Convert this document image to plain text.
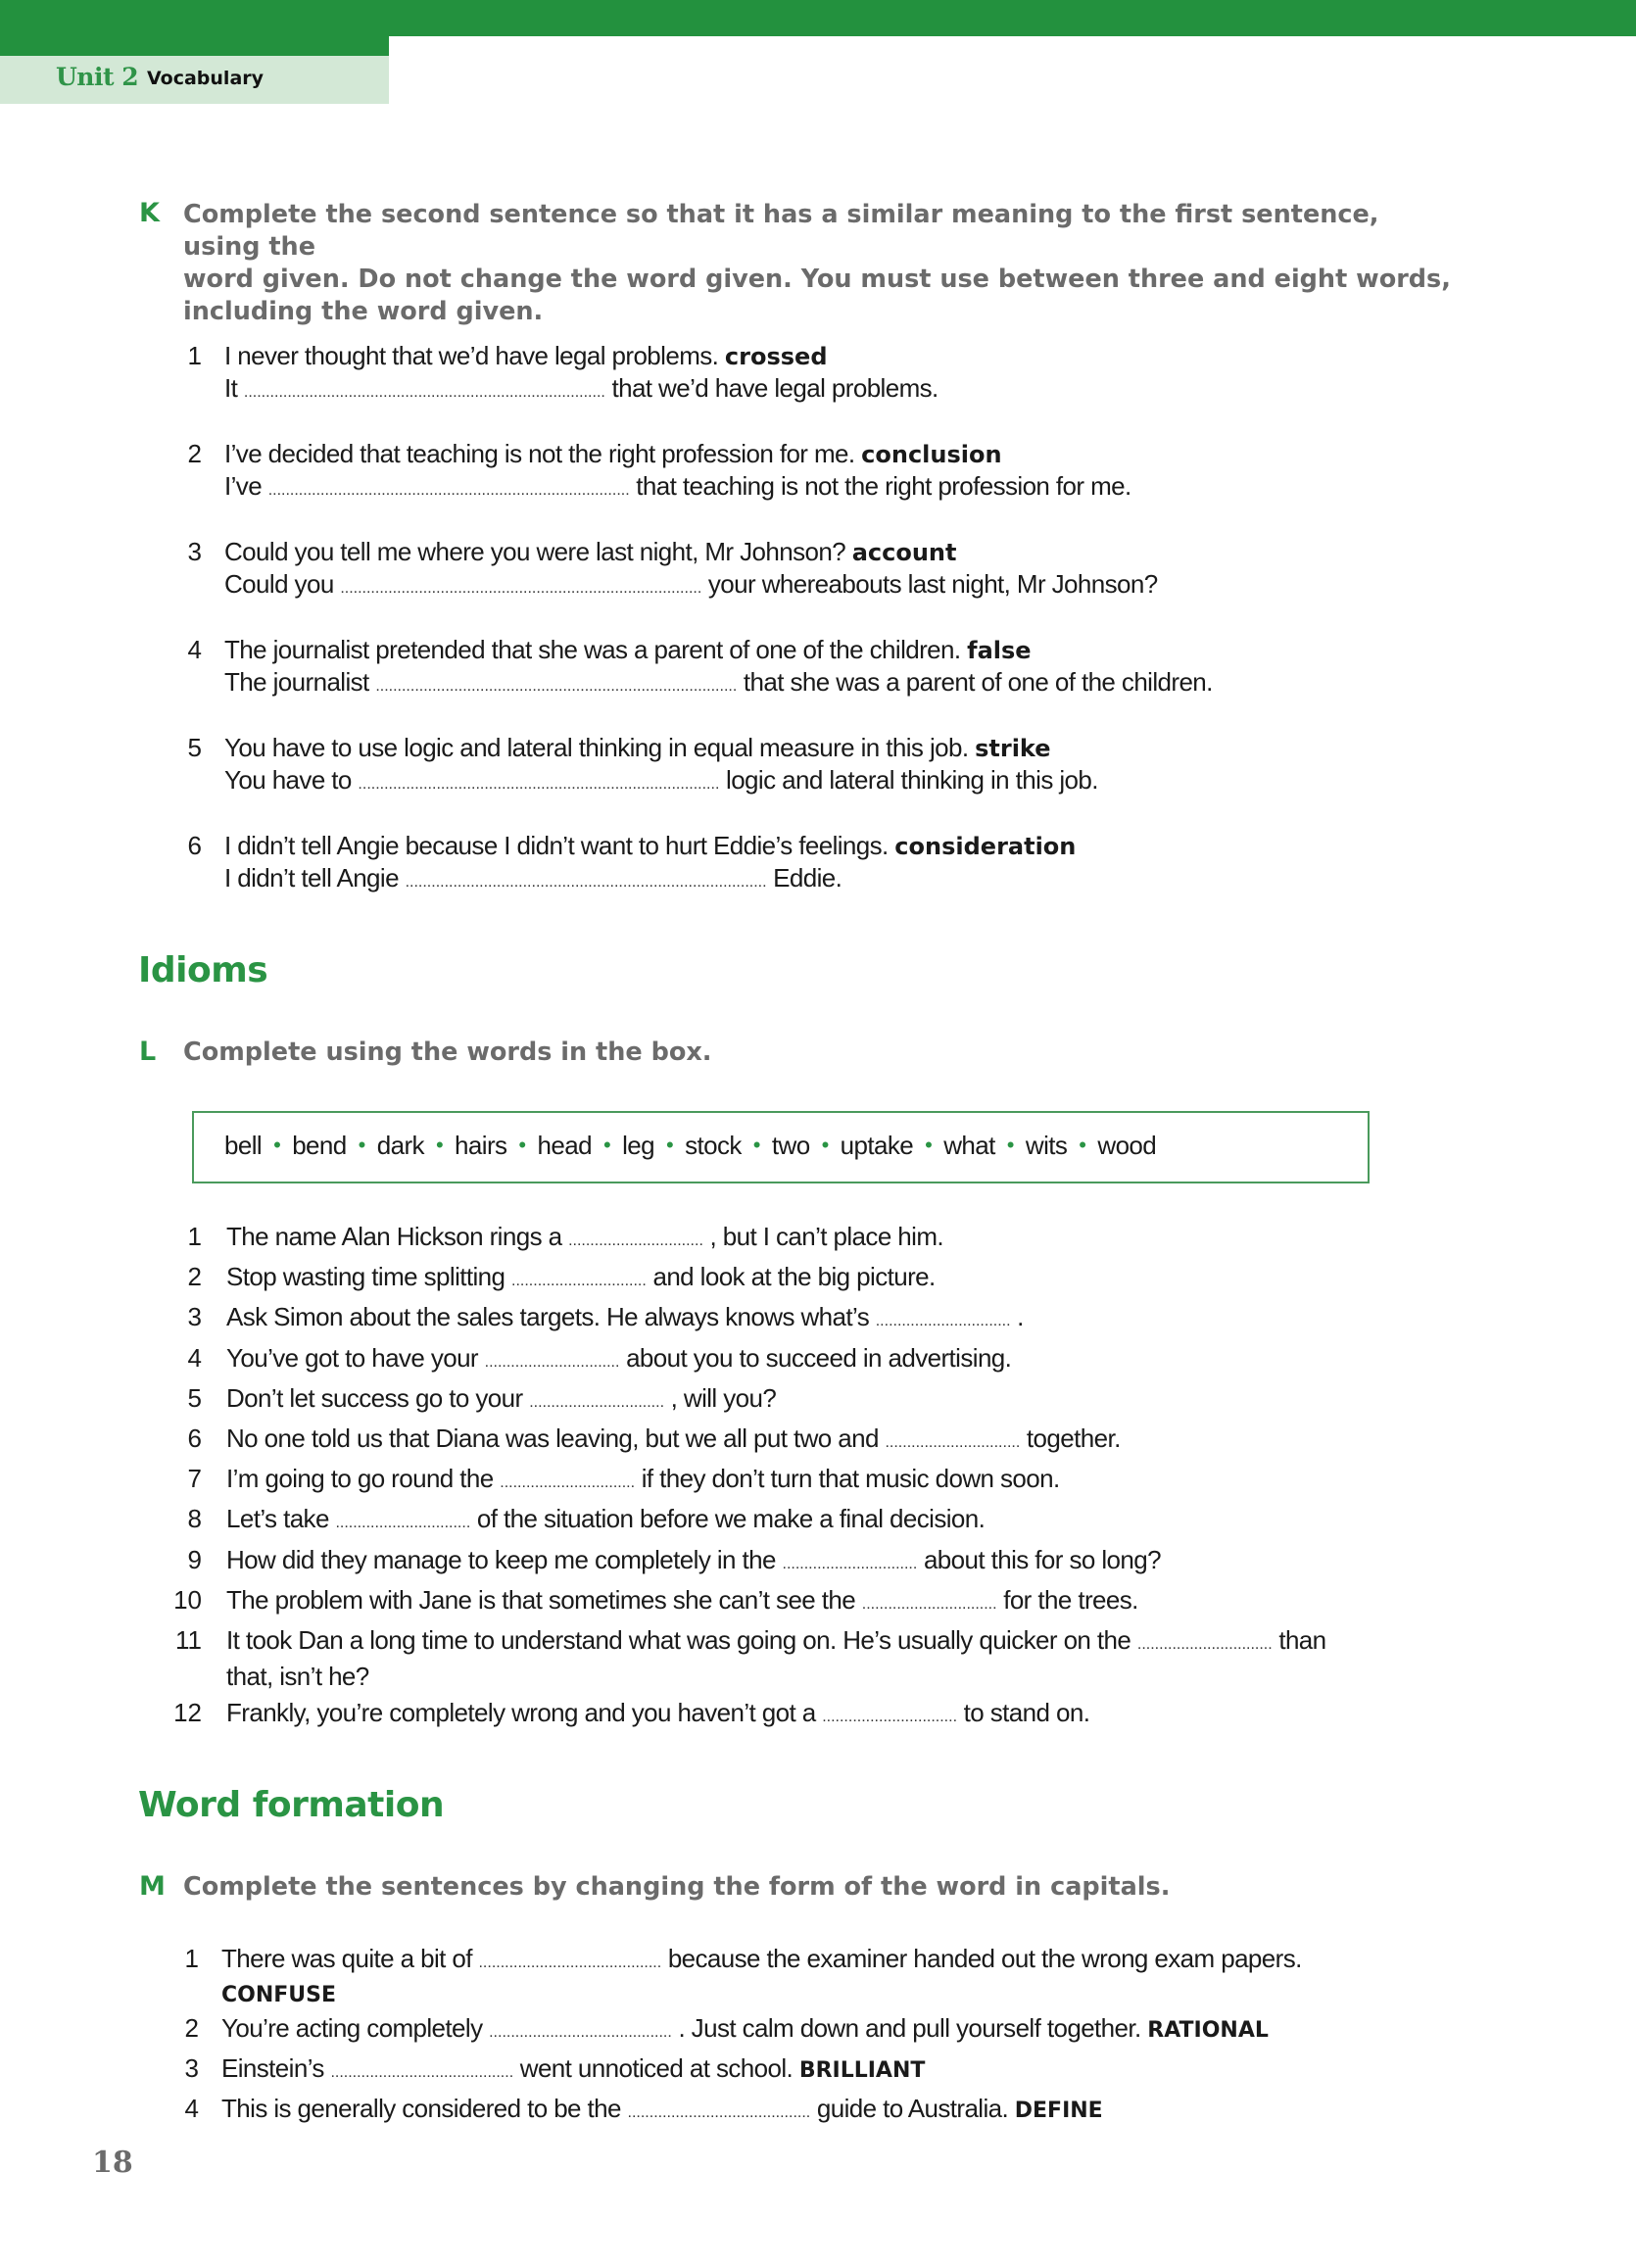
Unit 2 Vocabulary
K Complete the second sentence so that it has a similar meaning to the first sentence, using the
word given. Do not change the word given. You must use between three and eight words,
including the word given.
1 I never thought that we’d have legal problems. crossed
It ................................................................................... that we’d have legal problems.
2 I’ve decided that teaching is not the right profession for me. conclusion
I’ve ................................................................................... that teaching is not the right profession for me.
3 Could you tell me where you were last night, Mr Johnson? account
Could you ................................................................................... your whereabouts last night, Mr Johnson?
4 The journalist pretended that she was a parent of one of the children. false
The journalist ................................................................................... that she was a parent of one of the children.
5 You have to use logic and lateral thinking in equal measure in this job. strike
You have to ................................................................................... logic and lateral thinking in this job.
6 I didn’t tell Angie because I didn’t want to hurt Eddie’s feelings. consideration
I didn’t tell Angie ................................................................................... Eddie.
Idioms
L Complete using the words in the box.
bell • bend • dark • hairs • head • leg • stock • two • uptake • what • wits • wood
1 The name Alan Hickson rings a ............................... , but I can’t place him.
2 Stop wasting time splitting ............................... and look at the big picture.
3 Ask Simon about the sales targets. He always knows what’s ............................... .
4 You’ve got to have your ............................... about you to succeed in advertising.
5 Don’t let success go to your ............................... , will you?
6 No one told us that Diana was leaving, but we all put two and ............................... together.
7 I’m going to go round the ............................... if they don’t turn that music down soon.
8 Let’s take ............................... of the situation before we make a final decision.
9 How did they manage to keep me completely in the ............................... about this for so long?
10 The problem with Jane is that sometimes she can’t see the ............................... for the trees.
11 It took Dan a long time to understand what was going on. He’s usually quicker on the ............................... than
that, isn’t he?
12 Frankly, you’re completely wrong and you haven’t got a ............................... to stand on.
Word formation
M Complete the sentences by changing the form of the word in capitals.
1 There was quite a bit of .......................................... because the examiner handed out the wrong exam papers.
CONFUSE
2 You’re acting completely .......................................... . Just calm down and pull yourself together. RATIONAL
3 Einstein’s .......................................... went unnoticed at school. BRILLIANT
4 This is generally considered to be the .......................................... guide to Australia. DEFINE
18
